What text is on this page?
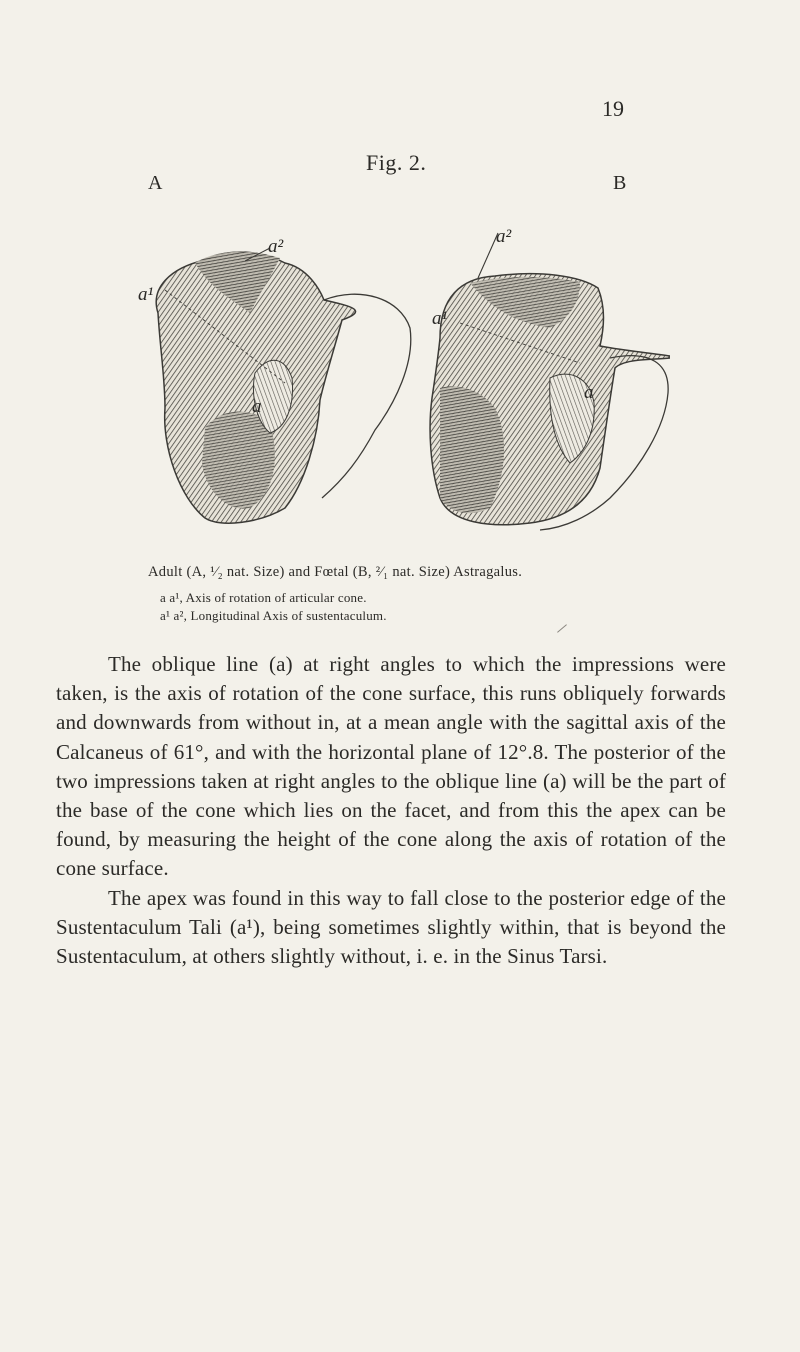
19
Fig. 2.
A	B
a²
a¹
a
a²
a¹
a
Adult (A, ¹⁄₂ nat. Size) and Fœtal (B, ²⁄₁ nat. Size) Astragalus.
a a¹, Axis of rotation of articular cone.
a¹ a², Longitudinal Axis of sustentaculum.

The oblique line (a) at right angles to which the impressions were taken, is the axis of rotation of the cone surface, this runs obliquely forwards and downwards from without in, at a mean angle with the sagittal axis of the Calcaneus of 61°, and with the horizontal plane of 12°.8. The posterior of the two impressions taken at right angles to the oblique line (a) will be the part of the base of the cone which lies on the facet, and from this the apex can be found, by measuring the height of the cone along the axis of rotation of the cone surface.

The apex was found in this way to fall close to the posterior edge of the Sustentaculum Tali (a¹), being sometimes slightly within, that is beyond the Sustentaculum, at others slightly without, i. e. in the Sinus Tarsi.
